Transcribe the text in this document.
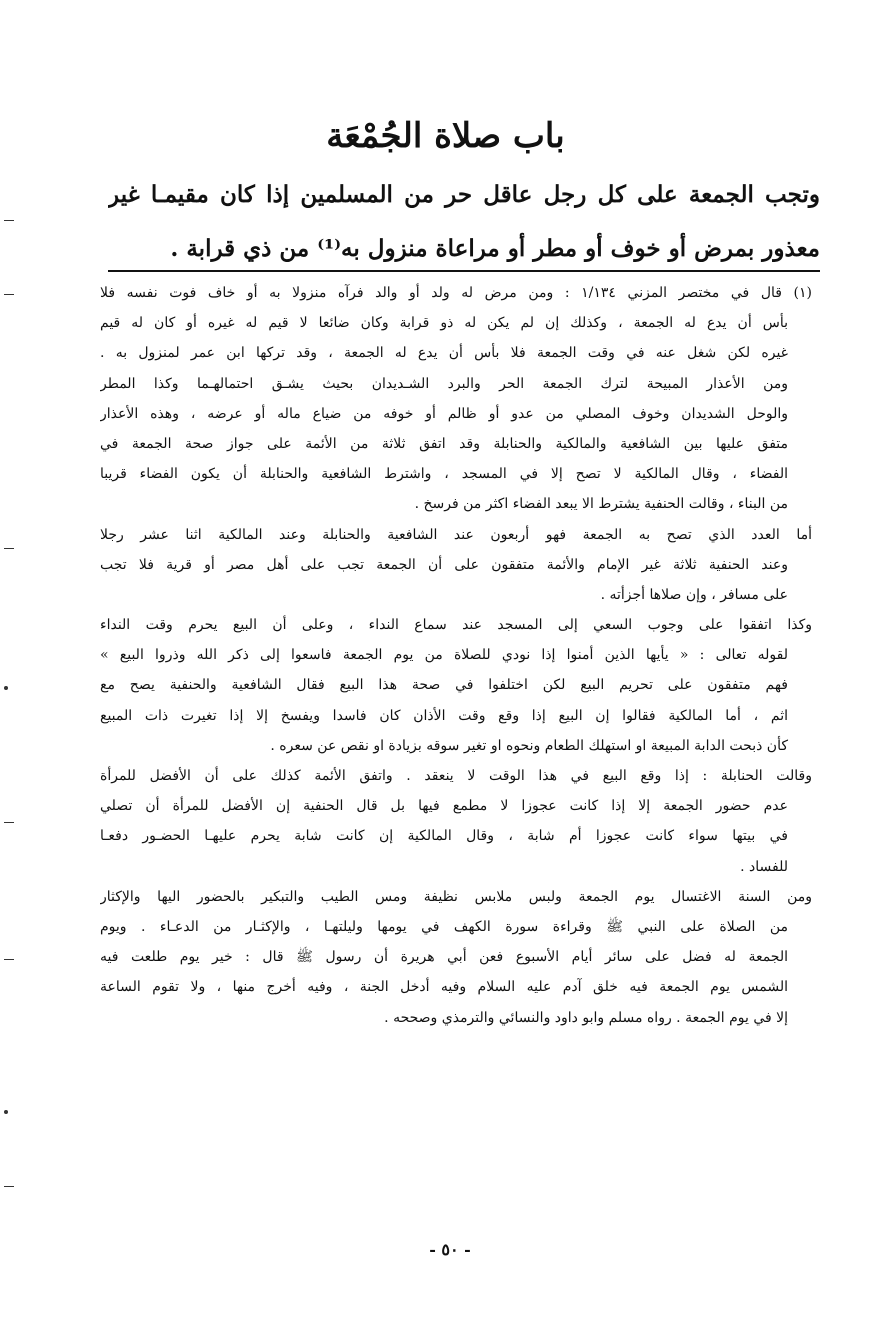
باب صلاة الجُمْعَة
وتجب الجمعة على كل رجل عاقل حر من المسلمين إذا كان مقيمـا غير
معذور بمرض أو خوف أو مطر أو مراعاة منزول به⁽¹⁾ من ذي قرابة .
(١) قال في مختصر المزني ١/١٣٤ : ومن مرض له ولد أو والد فرآه منزولا به أو خاف فوت نفسه فلا
بأس أن يدع له الجمعة ، وكذلك إن لم يكن له ذو قرابة وكان ضائعا لا قيم له غيره أو كان له قيم
غيره لكن شغل عنه في وقت الجمعة فلا بأس أن يدع له الجمعة ، وقد تركها ابن عمر لمنزول به .
ومن الأعذار المبيحة لترك الجمعة الحر والبرد الشـديدان بحيث يشـق احتمالهـما وكذا المطر
والوحل الشديدان وخوف المصلي من عدو أو ظالم أو خوفه من ضياع ماله أو عرضه ، وهذه الأعذار
متفق عليها بين الشافعية والمالكية والحنابلة وقد اتفق ثلاثة من الأئمة على جواز صحة الجمعة في
الفضاء ، وقال المالكية لا تصح إلا في المسجد ، واشترط الشافعية والحنابلة أن يكون الفضاء قريبا
من البناء ، وقالت الحنفية يشترط الا يبعد الفضاء اكثر من فرسخ .
أما العدد الذي تصح به الجمعة فهو أربعون عند الشافعية والحنابلة وعند المالكية اثنا عشر رجلا
وعند الحنفية ثلاثة غير الإمام والأئمة متفقون على أن الجمعة تجب على أهل مصر أو قرية فلا تجب
على مسافر ، وإن صلاها أجزأته .
وكذا اتفقوا على وجوب السعي إلى المسجد عند سماع النداء ، وعلى أن البيع يحرم وقت النداء
لقوله تعالى : « يأيها الذين أمنوا إذا نودي للصلاة من يوم الجمعة فاسعوا إلى ذكر الله وذروا البيع »
فهم متفقون على تحريم البيع لكن اختلفوا في صحة هذا البيع فقال الشافعية والحنفية يصح مع
اثم ، أما المالكية فقالوا إن البيع إذا وقع وقت الأذان كان فاسدا ويفسخ إلا إذا تغيرت ذات المبيع
كأن ذبحت الدابة المبيعة او استهلك الطعام ونحوه او تغير سوقه بزيادة او نقص عن سعره .
وقالت الحنابلة : إذا وقع البيع في هذا الوقت لا ينعقد . واتفق الأئمة كذلك على أن الأفضل للمرأة
عدم حضور الجمعة إلا إذا كانت عجوزا لا مطمع فيها بل قال الحنفية إن الأفضل للمرأة أن تصلي
في بيتها سواء كانت عجوزا أم شابة ، وقال المالكية إن كانت شابة يحرم عليهـا الحضـور دفعـا
للفساد .
ومن السنة الاغتسال يوم الجمعة ولبس ملابس نظيفة ومس الطيب والتبكير بالحضور اليها والإكثار
من الصلاة على النبي ﷺ وقراءة سورة الكهف في يومها وليلتهـا ، والإكثـار من الدعـاء . ويوم
الجمعة له فضل على سائر أيام الأسبوع فعن أبي هريرة أن رسول ﷺ قال : خير يوم طلعت فيه
الشمس يوم الجمعة فيه خلق آدم عليه السلام وفيه أدخل الجنة ، وفيه أخرج منها ، ولا تقوم الساعة
إلا في يوم الجمعة . رواه مسلم وابو داود والنسائي والترمذي وصححه .
- ٥٠ -
